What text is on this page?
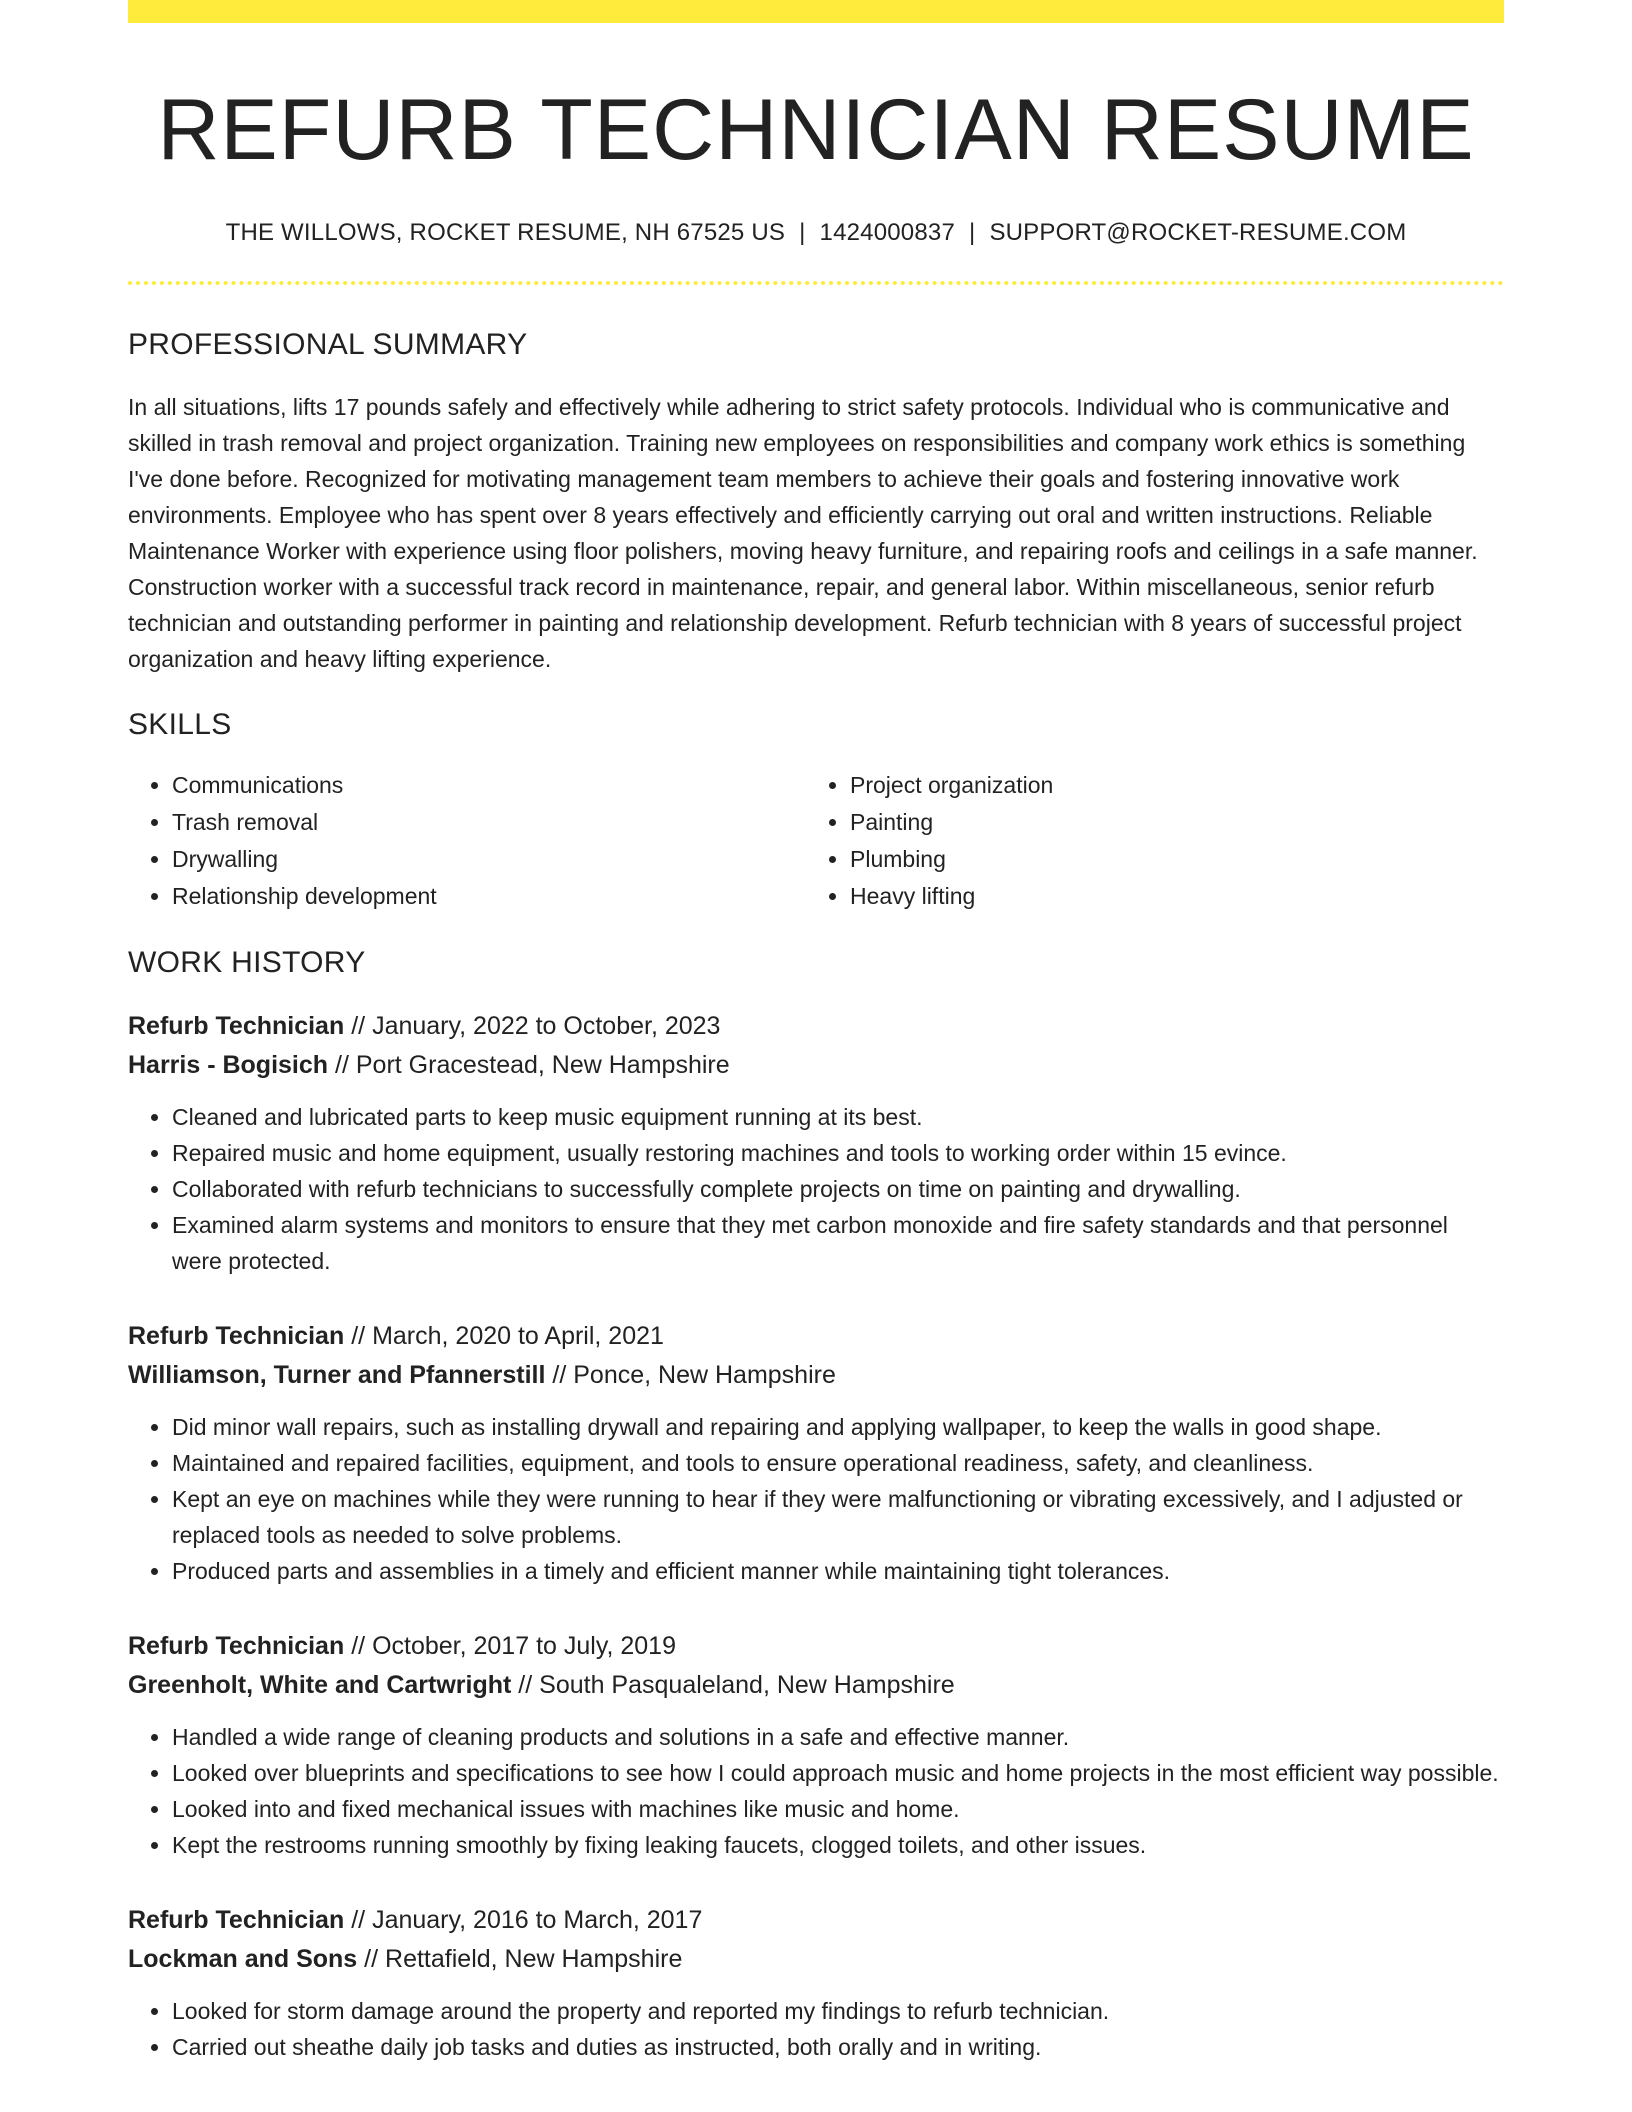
REFURB TECHNICIAN RESUME
THE WILLOWS, ROCKET RESUME, NH 67525 US | 1424000837 | SUPPORT@ROCKET-RESUME.COM
PROFESSIONAL SUMMARY
In all situations, lifts 17 pounds safely and effectively while adhering to strict safety protocols. Individual who is communicative and skilled in trash removal and project organization. Training new employees on responsibilities and company work ethics is something I've done before. Recognized for motivating management team members to achieve their goals and fostering innovative work environments. Employee who has spent over 8 years effectively and efficiently carrying out oral and written instructions. Reliable Maintenance Worker with experience using floor polishers, moving heavy furniture, and repairing roofs and ceilings in a safe manner. Construction worker with a successful track record in maintenance, repair, and general labor. Within miscellaneous, senior refurb technician and outstanding performer in painting and relationship development. Refurb technician with 8 years of successful project organization and heavy lifting experience.
SKILLS
• Communications
• Trash removal
• Drywalling
• Relationship development
• Project organization
• Painting
• Plumbing
• Heavy lifting
WORK HISTORY
Refurb Technician // January, 2022 to October, 2023
Harris - Bogisich // Port Gracestead, New Hampshire
• Cleaned and lubricated parts to keep music equipment running at its best.
• Repaired music and home equipment, usually restoring machines and tools to working order within 15 evince.
• Collaborated with refurb technicians to successfully complete projects on time on painting and drywalling.
• Examined alarm systems and monitors to ensure that they met carbon monoxide and fire safety standards and that personnel were protected.
Refurb Technician // March, 2020 to April, 2021
Williamson, Turner and Pfannerstill // Ponce, New Hampshire
• Did minor wall repairs, such as installing drywall and repairing and applying wallpaper, to keep the walls in good shape.
• Maintained and repaired facilities, equipment, and tools to ensure operational readiness, safety, and cleanliness.
• Kept an eye on machines while they were running to hear if they were malfunctioning or vibrating excessively, and I adjusted or replaced tools as needed to solve problems.
• Produced parts and assemblies in a timely and efficient manner while maintaining tight tolerances.
Refurb Technician // October, 2017 to July, 2019
Greenholt, White and Cartwright // South Pasqualeland, New Hampshire
• Handled a wide range of cleaning products and solutions in a safe and effective manner.
• Looked over blueprints and specifications to see how I could approach music and home projects in the most efficient way possible.
• Looked into and fixed mechanical issues with machines like music and home.
• Kept the restrooms running smoothly by fixing leaking faucets, clogged toilets, and other issues.
Refurb Technician // January, 2016 to March, 2017
Lockman and Sons // Rettafield, New Hampshire
• Looked for storm damage around the property and reported my findings to refurb technician.
• Carried out sheathe daily job tasks and duties as instructed, both orally and in writing.
